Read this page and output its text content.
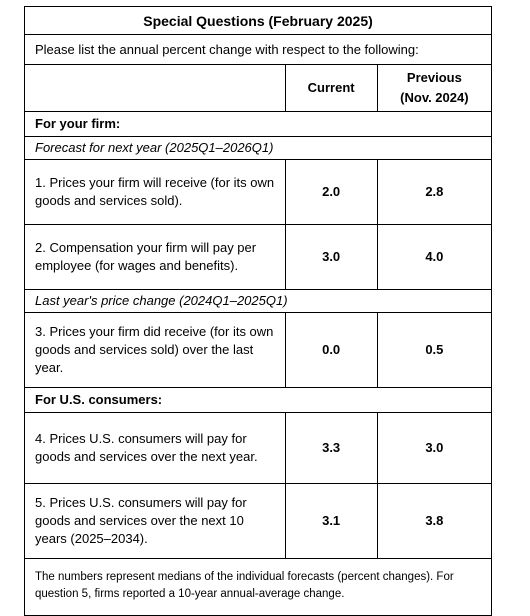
Special Questions (February 2025)		
Please list the annual percent change with respect to the following:		
	Current	Previous
(Nov. 2024)

For your firm:		
Forecast for next year (2025Q1–2026Q1)		
1. Prices your firm will receive (for its own goods and services sold).	2.0	2.8
2. Compensation your firm will pay per employee (for wages and benefits).	3.0	4.0
Last year's price change (2024Q1–2025Q1)		
3. Prices your firm did receive (for its own goods and services sold) over the last year.	0.0	0.5
For U.S. consumers:		
4. Prices U.S. consumers will pay for goods and services over the next year.	3.3	3.0
5. Prices U.S. consumers will pay for goods and services over the next 10 years (2025–2034).	3.1	3.8
The numbers represent medians of the individual forecasts (percent changes). For question 5, firms reported a 10-year annual-average change.		
